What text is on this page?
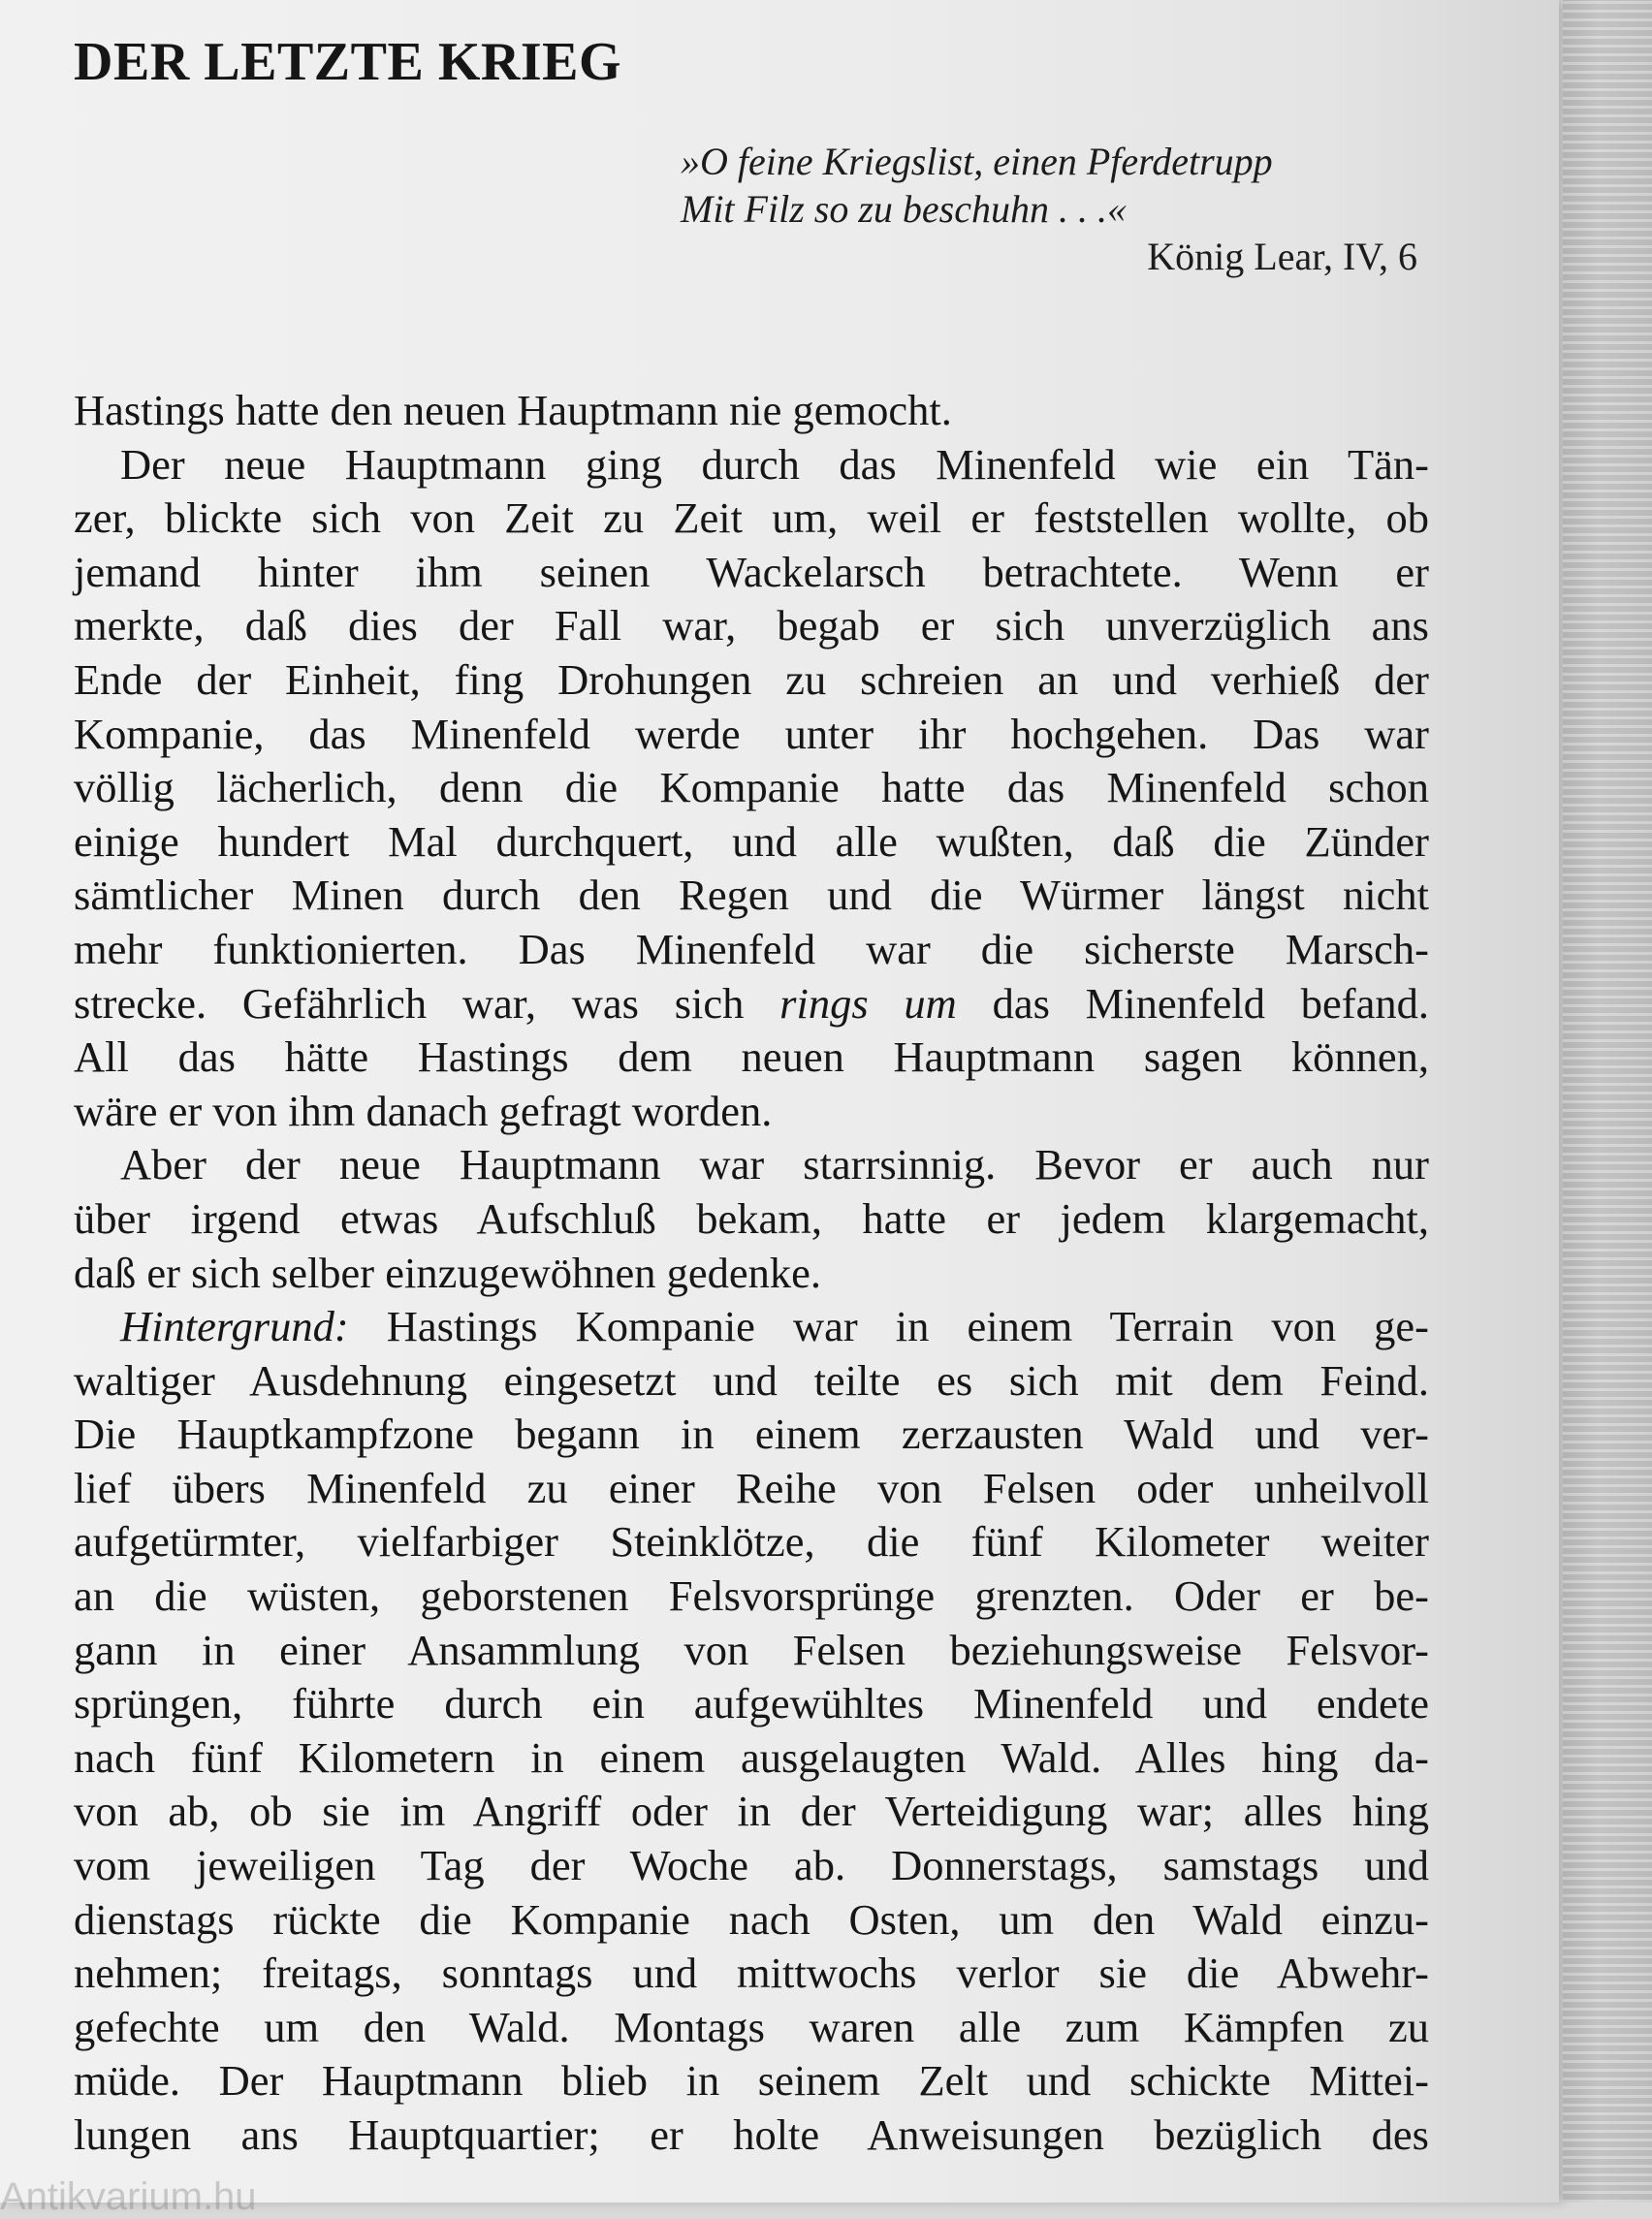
DER LETZTE KRIEG
»O feine Kriegslist, einen Pferdetrupp
Mit Filz so zu beschuhn . . .«
König Lear, IV, 6
Hastings hatte den neuen Hauptmann nie gemocht.
Der neue Hauptmann ging durch das Minenfeld wie ein Tän-
zer, blickte sich von Zeit zu Zeit um, weil er feststellen wollte, ob
jemand hinter ihm seinen Wackelarsch betrachtete. Wenn er
merkte, daß dies der Fall war, begab er sich unverzüglich ans
Ende der Einheit, fing Drohungen zu schreien an und verhieß der
Kompanie, das Minenfeld werde unter ihr hochgehen. Das war
völlig lächerlich, denn die Kompanie hatte das Minenfeld schon
einige hundert Mal durchquert, und alle wußten, daß die Zünder
sämtlicher Minen durch den Regen und die Würmer längst nicht
mehr funktionierten. Das Minenfeld war die sicherste Marsch-
strecke. Gefährlich war, was sich rings um das Minenfeld befand.
All das hätte Hastings dem neuen Hauptmann sagen können,
wäre er von ihm danach gefragt worden.
Aber der neue Hauptmann war starrsinnig. Bevor er auch nur
über irgend etwas Aufschluß bekam, hatte er jedem klargemacht,
daß er sich selber einzugewöhnen gedenke.
Hintergrund: Hastings Kompanie war in einem Terrain von ge-
waltiger Ausdehnung eingesetzt und teilte es sich mit dem Feind.
Die Hauptkampfzone begann in einem zerzausten Wald und ver-
lief übers Minenfeld zu einer Reihe von Felsen oder unheilvoll
aufgetürmter, vielfarbiger Steinklötze, die fünf Kilometer weiter
an die wüsten, geborstenen Felsvorsprünge grenzten. Oder er be-
gann in einer Ansammlung von Felsen beziehungsweise Felsvor-
sprüngen, führte durch ein aufgewühltes Minenfeld und endete
nach fünf Kilometern in einem ausgelaugten Wald. Alles hing da-
von ab, ob sie im Angriff oder in der Verteidigung war; alles hing
vom jeweiligen Tag der Woche ab. Donnerstags, samstags und
dienstags rückte die Kompanie nach Osten, um den Wald einzu-
nehmen; freitags, sonntags und mittwochs verlor sie die Abwehr-
gefechte um den Wald. Montags waren alle zum Kämpfen zu
müde. Der Hauptmann blieb in seinem Zelt und schickte Mittei-
lungen ans Hauptquartier; er holte Anweisungen bezüglich des
Antikvarium.hu
